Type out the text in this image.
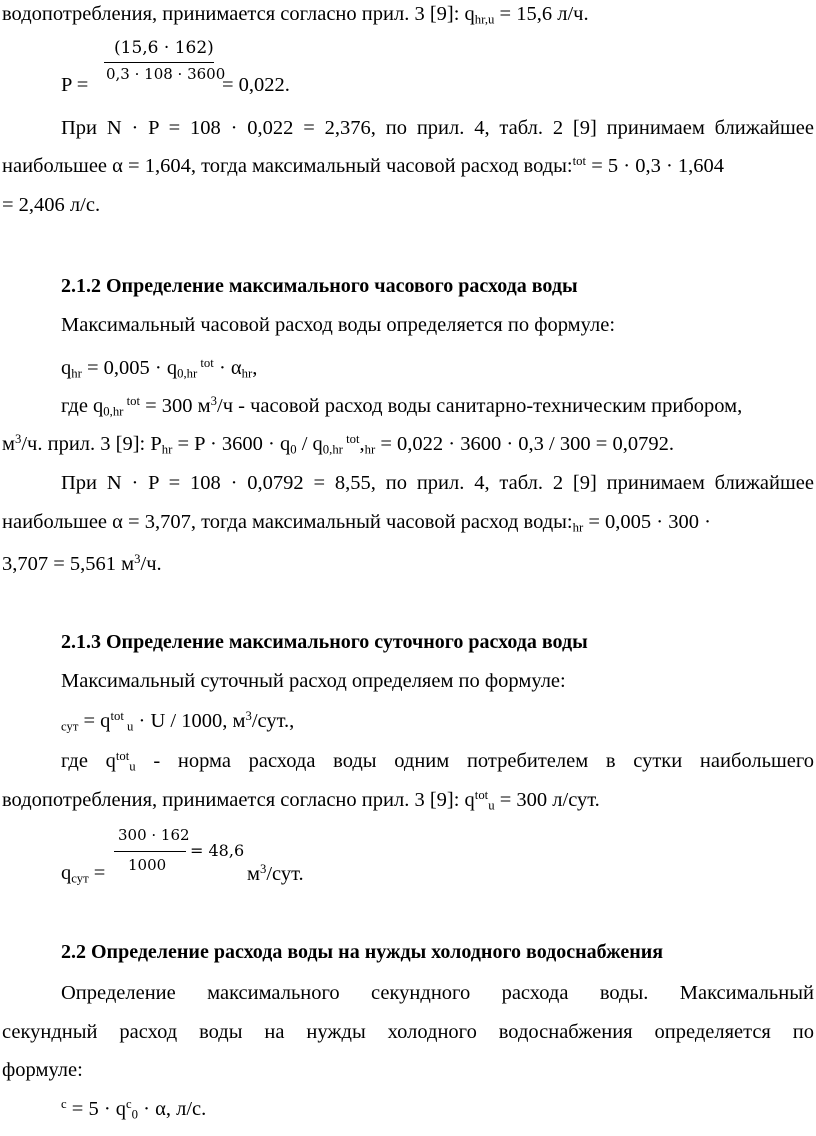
водопотребления, принимается согласно прил. 3 [9]: $q_{hr,u} = 15,6$ л/ч.
(15,6 · 162)
0,3 · 108 · 3600
P =	= 0,022.
При N · P = 108 · 0,022 = 2,376, по прил. 4, табл. 2 [9] принимаем ближайшее
наибольшее α = 1,604, тогда максимальный часовой расход воды:$^{tot}$ = 5 · 0,3 · 1,604
= 2,406 л/с.
2.1.2 Определение максимального часового расхода воды
Максимальный часовой расход воды определяется по формуле:
$q_{hr} = 0,005 \cdot q_{0,hr}$ $^{tot} \cdot \alpha_{hr}$,
где $q_{0,hr}$ $^{tot}$ = 300 $м^3/ч$ - часовой расход воды санитарно-техническим прибором,
$м^3/ч$. прил. 3 [9]: $P_{hr} = P \cdot 3600 \cdot q_0 / q_{0,hr}$ $^{tot},_{hr} = 0,022 \cdot 3600 \cdot 0,3 / 300 = 0,0792$.
При N · P = 108 · 0,0792 = 8,55, по прил. 4, табл. 2 [9] принимаем ближайшее
наибольшее α = 3,707, тогда максимальный часовой расход $воды:_{hr} = 0,005 \cdot 300$ ·
3,707 = 5,561 $м^3/ч$.
2.1.3 Определение максимального суточного расхода воды
Максимальный суточный расход определяем по формуле:
$_{сут} = q^{tot}$ $_u$ · U / 1000, $м^3$/сут.,
где $q^{tot}_u$ - норма расхода воды одним потребителем в сутки наибольшего
водопотребления, принимается согласно прил. 3 [9]: $q^{tot}_u = 300$ л/сут.
300 · 162
= 48,6
1000
$q_{сут}$ =	$м^3$/сут.
2.2 Определение расхода воды на нужды холодного водоснабжения
Определение максимального секундного расхода воды. Максимальный
секундный расход воды на нужды холодного водоснабжения определяется по
формуле:
$^c = 5 \cdot q^c_0 \cdot \alpha$, л/с.
